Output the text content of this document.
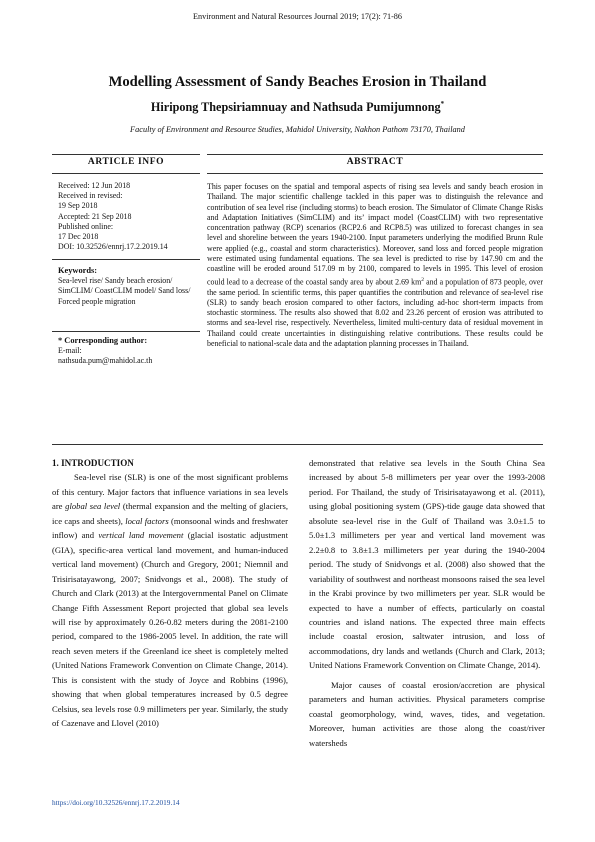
Environment and Natural Resources Journal 2019; 17(2): 71-86
Modelling Assessment of Sandy Beaches Erosion in Thailand
Hiripong Thepsiriamnuay and Nathsuda Pumijumnong*
Faculty of Environment and Resource Studies, Mahidol University, Nakhon Pathom 73170, Thailand
ARTICLE INFO	ABSTRACT
Received: 12 Jun 2018
Received in revised:
19 Sep 2018
Accepted: 21 Sep 2018
Published online:
17 Dec 2018
DOI: 10.32526/ennrj.17.2.2019.14
Keywords:
Sea-level rise/ Sandy beach erosion/ SimCLIM/ CoastCLIM model/ Sand loss/ Forced people migration
* Corresponding author:
E-mail:
nathsuda.pum@mahidol.ac.th
This paper focuses on the spatial and temporal aspects of rising sea levels and sandy beach erosion in Thailand. The major scientific challenge tackled in this paper was to distinguish the relevance and contribution of sea level rise (including storms) to beach erosion. The Simulator of Climate Change Risks and Adaptation Initiatives (SimCLIM) and its’ impact model (CoastCLIM) with two representative concentration pathway (RCP) scenarios (RCP2.6 and RCP8.5) was utilized to forecast changes in sea level and shoreline between the years 1940-2100. Input parameters underlying the modified Brunn Rule were applied (e.g., coastal and storm characteristics). Moreover, sand loss and forced people migration were estimated using fundamental equations. The sea level is predicted to rise by 147.90 cm and the coastline will be eroded around 517.09 m by 2100, compared to levels in 1995. This level of erosion could lead to a decrease of the coastal sandy area by about 2.69 $km^2$ and a population of 873 people, over the same period. In scientific terms, this paper quantifies the contribution and relevance of sea-level rise (SLR) to sandy beach erosion compared to other factors, including ad-hoc short-term impacts from stochastic storminess. The results also showed that 8.02 and 23.26 percent of erosion was attributed to storms and sea-level rise, respectively. Nevertheless, limited multi-century data of residual movement in Thailand could create uncertainties in distinguishing relative contributions. These results could be beneficial to national-scale data and the adaptation planning processes in Thailand.
1. INTRODUCTION

Sea-level rise (SLR) is one of the most significant problems of this century. Major factors that influence variations in sea levels are global sea level (thermal expansion and the melting of glaciers, ice caps and sheets), local factors (monsoonal winds and freshwater inflow) and vertical land movement (glacial isostatic adjustment (GIA), specific-area vertical land movement, and human-induced vertical land movement) (Church and Gregory, 2001; Niemnil and Trisirisatayawong, 2007; Snidvongs et al., 2008). The study of Church and Clark (2013) at the Intergovernmental Panel on Climate Change Fifth Assessment Report projected that global sea levels will rise by approximately 0.26-0.82 meters during the 2081-2100 period, compared to the 1986-2005 level. In addition, the rate will reach seven meters if the Greenland ice sheet is completely melted (United Nations Framework Convention on Climate Change, 2014). This is consistent with the study of Joyce and Robbins (1996), showing that when global temperatures increased by 0.5 degree Celsius, sea levels rose 0.9 millimeters per year. Similarly, the study of Cazenave and Llovel (2010)

demonstrated that relative sea levels in the South China Sea increased by about 5-8 millimeters per year over the 1993-2008 period. For Thailand, the study of Trisirisatayawong et al. (2011), using global positioning system (GPS)-tide gauge data showed that absolute sea-level rise in the Gulf of Thailand was 3.0±1.5 to 5.0±1.3 millimeters per year and vertical land movement was 2.2±0.8 to 3.8±1.3 millimeters per year during the 1940-2004 period. The study of Snidvongs et al. (2008) also showed that the variability of southwest and northeast monsoons raised the sea level in the Krabi province by two millimeters per year. SLR would be expected to have a number of effects, particularly on coastal countries and island nations. The expected three main effects include coastal erosion, saltwater intrusion, and loss of accommodations, dry lands and wetlands (Church and Clark, 2013; United Nations Framework Convention on Climate Change, 2014).

Major causes of coastal erosion/accretion are physical parameters and human activities. Physical parameters comprise coastal geomorphology, wind, waves, tides, and vegetation. Moreover, human activities are those along the coast/river watersheds

https://doi.org/10.32526/ennrj.17.2.2019.14
